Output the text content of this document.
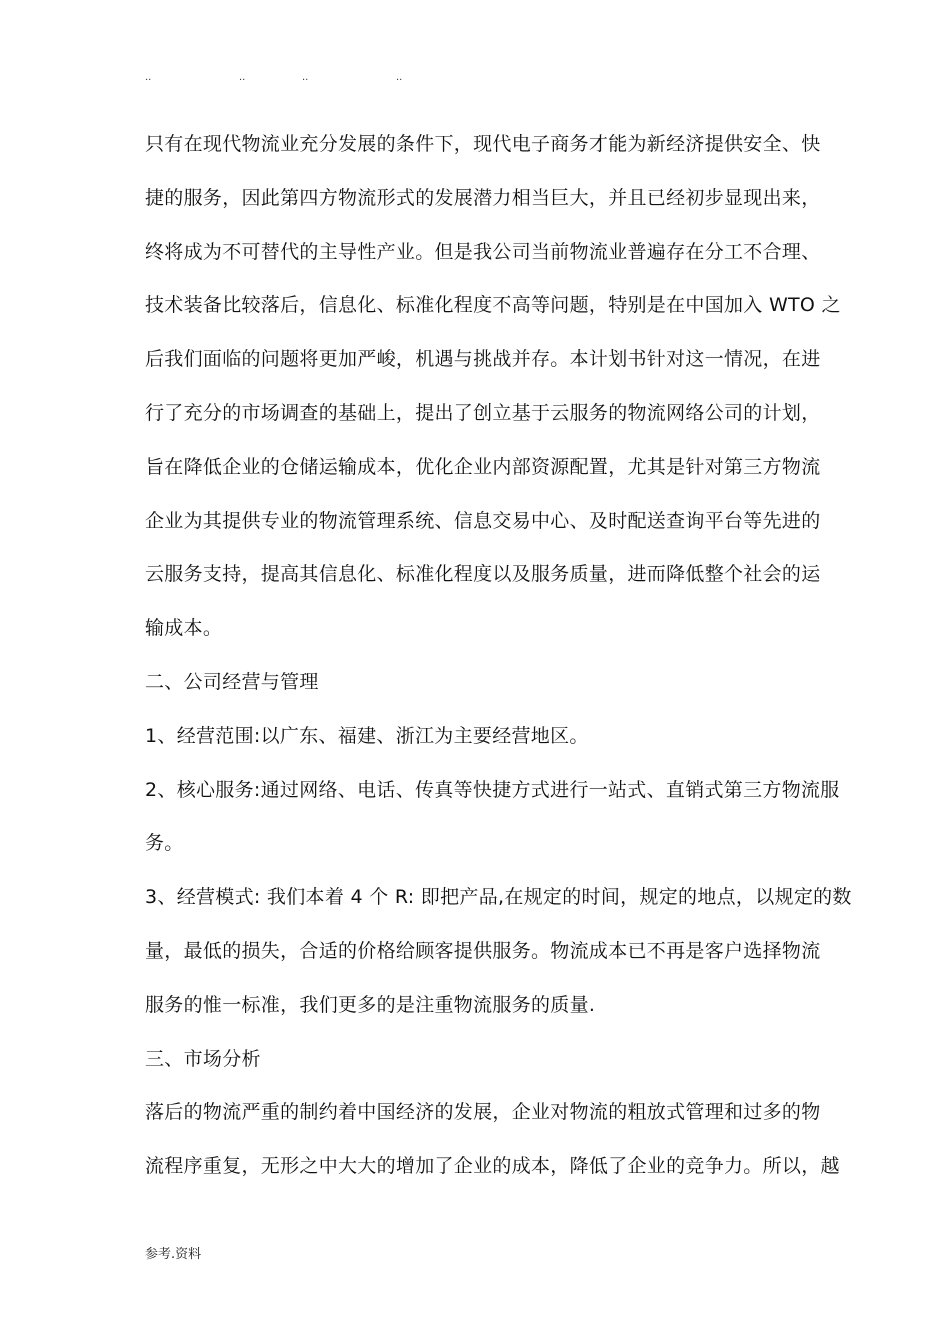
..	..	..	..
只有在现代物流业充分发展的条件下，现代电子商务才能为新经济提供安全、快
捷的服务，因此第四方物流形式的发展潜力相当巨大，并且已经初步显现出来，
终将成为不可替代的主导性产业。但是我公司当前物流业普遍存在分工不合理、
技术装备比较落后，信息化、标准化程度不高等问题，特别是在中国加入 WTO 之
后我们面临的问题将更加严峻，机遇与挑战并存。本计划书针对这一情况，在进
行了充分的市场调查的基础上，提出了创立基于云服务的物流网络公司的计划，
旨在降低企业的仓储运输成本，优化企业内部资源配置，尤其是针对第三方物流
企业为其提供专业的物流管理系统、信息交易中心、及时配送查询平台等先进的
云服务支持，提高其信息化、标准化程度以及服务质量，进而降低整个社会的运
输成本。
二、公司经营与管理
1、经营范围:以广东、福建、浙江为主要经营地区。
2、核心服务:通过网络、电话、传真等快捷方式进行一站式、直销式第三方物流服
务。
3、经营模式: 我们本着 4 个 R: 即把产品,在规定的时间，规定的地点，以规定的数
量，最低的损失，合适的价格给顾客提供服务。物流成本已不再是客户选择物流
服务的惟一标准，我们更多的是注重物流服务的质量.
三、市场分析
落后的物流严重的制约着中国经济的发展，企业对物流的粗放式管理和过多的物
流程序重复，无形之中大大的增加了企业的成本，降低了企业的竞争力。所以，越
参考.资料
